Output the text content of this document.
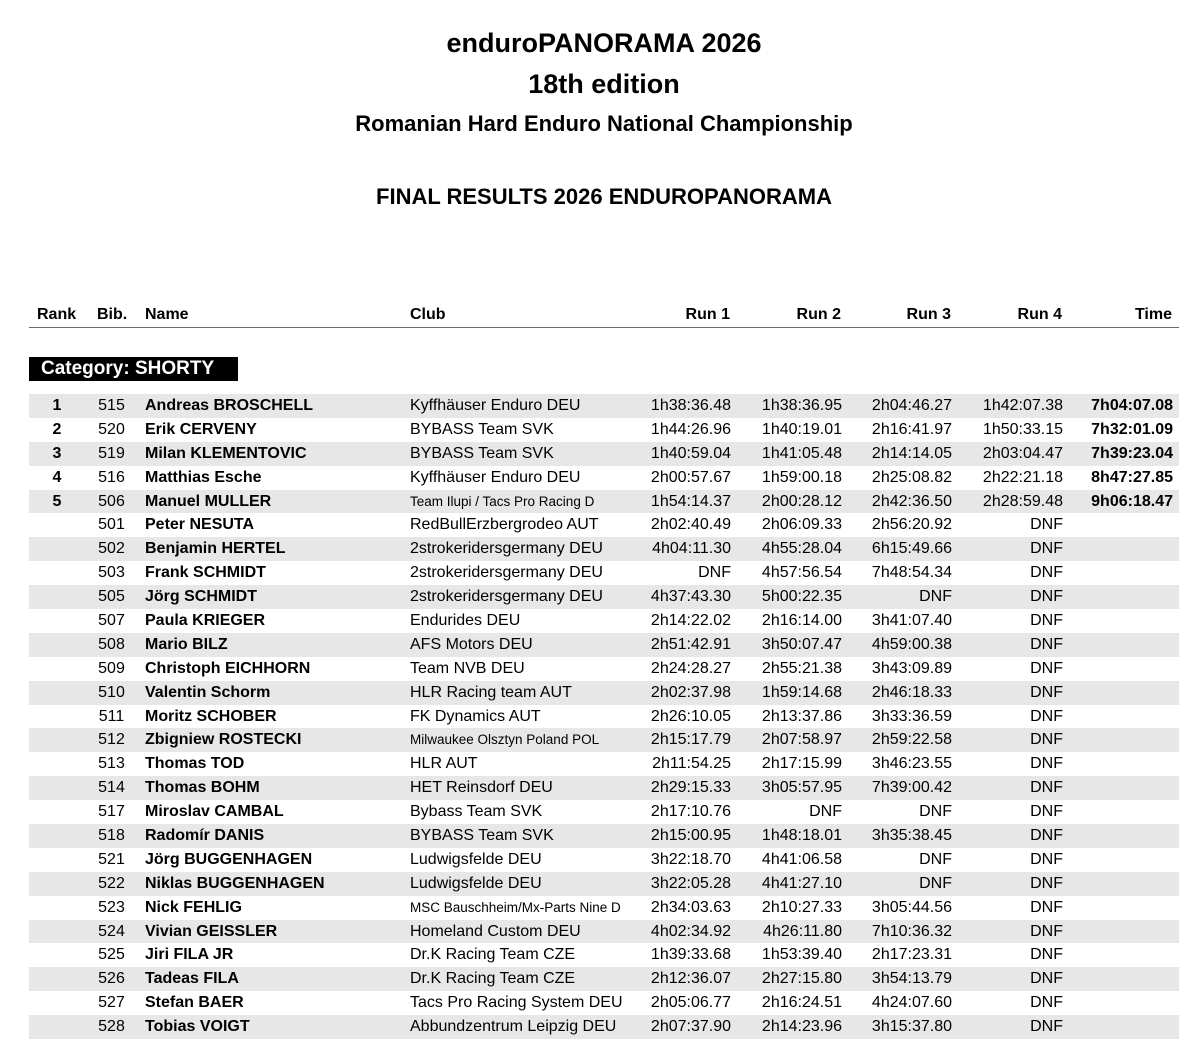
enduroPANORAMA 2026
18th edition
Romanian Hard Enduro National Championship
FINAL RESULTS 2026 ENDUROPANORAMA
Rank Bib. Name	Club	Run 1	Run 2	Run 3	Run 4	Time
Category: SHORTY
1	515 Andreas BROSCHELL	Kyffhäuser Enduro DEU	1h38:36.48 1h38:36.95 2h04:46.27 1h42:07.38 7h04:07.08
2	520 Erik CERVENY	BYBASS Team SVK	1h44:26.96 1h40:19.01 2h16:41.97 1h50:33.15 7h32:01.09
3	519 Milan KLEMENTOVIC	BYBASS Team SVK	1h40:59.04 1h41:05.48 2h14:14.05 2h03:04.47 7h39:23.04
4	516 Matthias Esche	Kyffhäuser Enduro DEU	2h00:57.67 1h59:00.18 2h25:08.82 2h22:21.18 8h47:27.85
5	506 Manuel MULLER	Team Ilupi / Tacs Pro Racing D	1h54:14.37 2h00:28.12 2h42:36.50 2h28:59.48 9h06:18.47
501 Peter NESUTA	RedBullErzbergrodeo AUT	2h02:40.49 2h06:09.33 2h56:20.92	DNF
502 Benjamin HERTEL	2strokeridersgermany DEU	4h04:11.30 4h55:28.04 6h15:49.66	DNF
503 Frank SCHMIDT	2strokeridersgermany DEU	DNF 4h57:56.54 7h48:54.34	DNF
505 Jörg SCHMIDT	2strokeridersgermany DEU	4h37:43.30 5h00:22.35	DNF	DNF
507 Paula KRIEGER	Endurides DEU	2h14:22.02 2h16:14.00 3h41:07.40	DNF
508 Mario BILZ	AFS Motors DEU	2h51:42.91 3h50:07.47 4h59:00.38	DNF
509 Christoph EICHHORN	Team NVB DEU	2h24:28.27 2h55:21.38 3h43:09.89	DNF
510 Valentin Schorm	HLR Racing team AUT	2h02:37.98 1h59:14.68 2h46:18.33	DNF
511 Moritz SCHOBER	FK Dynamics AUT	2h26:10.05 2h13:37.86 3h33:36.59	DNF
512 Zbigniew ROSTECKI	Milwaukee Olsztyn Poland POL	2h15:17.79 2h07:58.97 2h59:22.58	DNF
513 Thomas TOD	HLR AUT	2h11:54.25 2h17:15.99 3h46:23.55	DNF
514 Thomas BOHM	HET Reinsdorf DEU	2h29:15.33 3h05:57.95 7h39:00.42	DNF
517 Miroslav CAMBAL	Bybass Team SVK	2h17:10.76	DNF	DNF	DNF
518 Radomír DANIS	BYBASS Team SVK	2h15:00.95 1h48:18.01 3h35:38.45	DNF
521 Jörg BUGGENHAGEN	Ludwigsfelde DEU	3h22:18.70 4h41:06.58	DNF	DNF
522 Niklas BUGGENHAGEN	Ludwigsfelde DEU	3h22:05.28 4h41:27.10	DNF	DNF
523 Nick FEHLIG	MSC Bauschheim/Mx-Parts Nine D 2h34:03.63 2h10:27.33 3h05:44.56	DNF
524 Vivian GEISSLER	Homeland Custom DEU	4h02:34.92 4h26:11.80 7h10:36.32	DNF
525 Jiri FILA JR	Dr.K Racing Team CZE	1h39:33.68 1h53:39.40 2h17:23.31	DNF
526 Tadeas FILA	Dr.K Racing Team CZE	2h12:36.07 2h27:15.80 3h54:13.79	DNF
527 Stefan BAER	Tacs Pro Racing System DEU 2h05:06.77 2h16:24.51 4h24:07.60	DNF
528 Tobias VOIGT	Abbundzentrum Leipzig DEU 2h07:37.90 2h14:23.96 3h15:37.80	DNF
